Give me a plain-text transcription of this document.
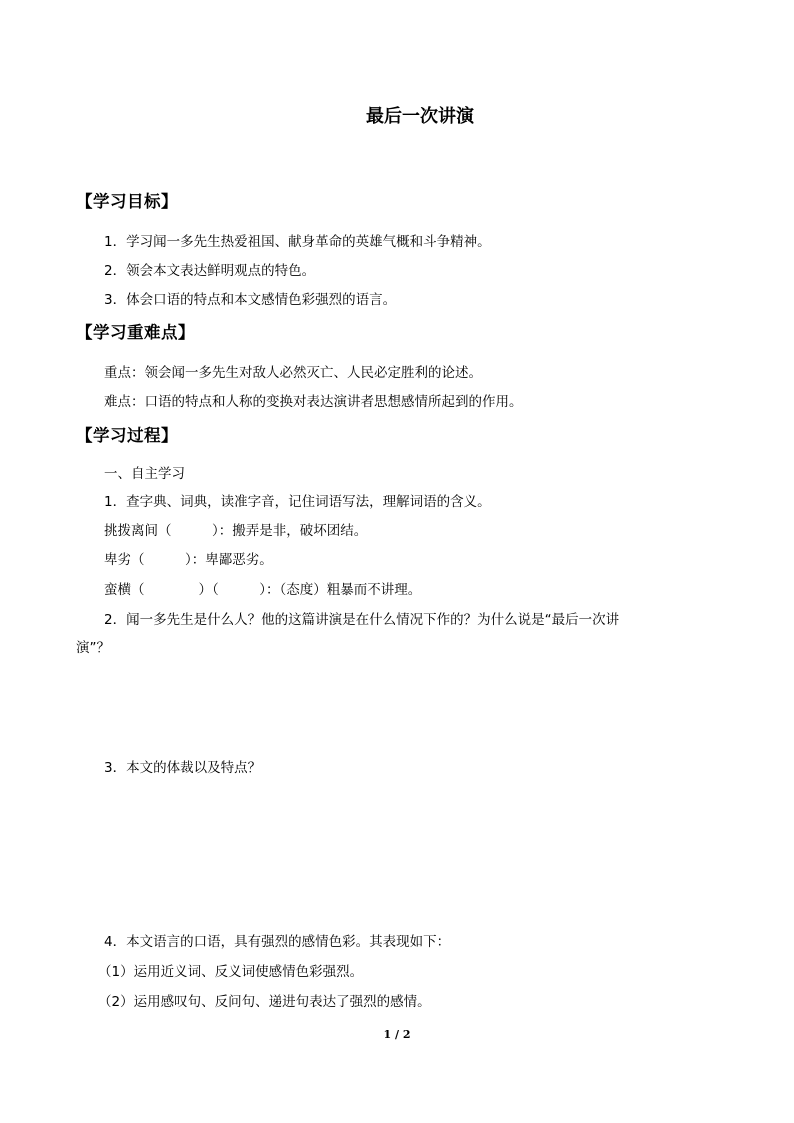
最后一次讲演
【学习目标】
1．学习闻一多先生热爱祖国、献身革命的英雄气概和斗争精神。
2．领会本文表达鲜明观点的特色。
3．体会口语的特点和本文感情色彩强烈的语言。
【学习重难点】
重点：领会闻一多先生对敌人必然灭亡、人民必定胜利的论述。
难点：口语的特点和人称的变换对表达演讲者思想感情所起到的作用。
【学习过程】
一、自主学习
1．查字典、词典，读准字音，记住词语写法，理解词语的含义。
挑拨离间（　　　）：搬弄是非，破坏团结。
卑劣（　　　）：卑鄙恶劣。
蛮横（　　　　）（　　　）：（态度）粗暴而不讲理。
2．闻一多先生是什么人？他的这篇讲演是在什么情况下作的？为什么说是“最后一次讲
演”？
3．本文的体裁以及特点？
4．本文语言的口语，具有强烈的感情色彩。其表现如下：
（1）运用近义词、反义词使感情色彩强烈。
（2）运用感叹句、反问句、递进句表达了强烈的感情。
1 / 2
